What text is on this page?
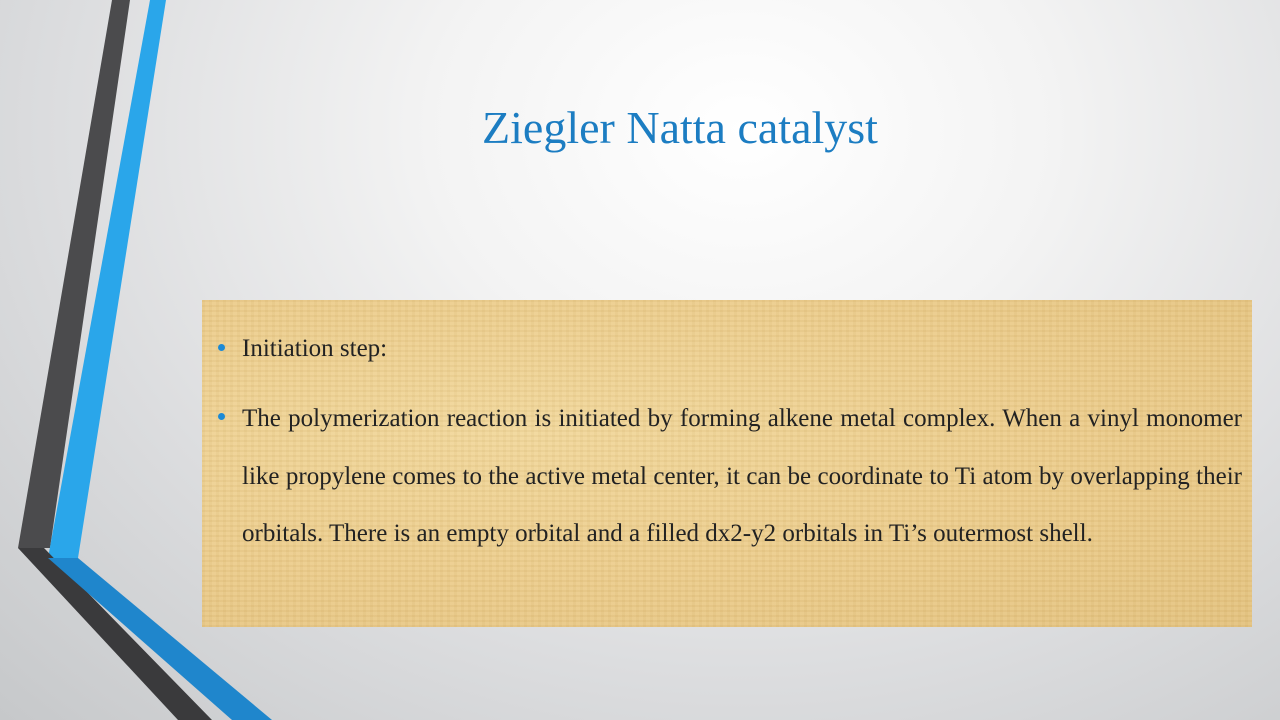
Ziegler Natta catalyst
Initiation step:
The polymerization reaction is initiated by forming alkene metal complex. When a vinyl monomer like propylene comes to the active metal center, it can be coordinate to Ti atom by overlapping their orbitals. There is an empty orbital and a filled dx2-y2 orbitals in Ti’s outermost shell.
